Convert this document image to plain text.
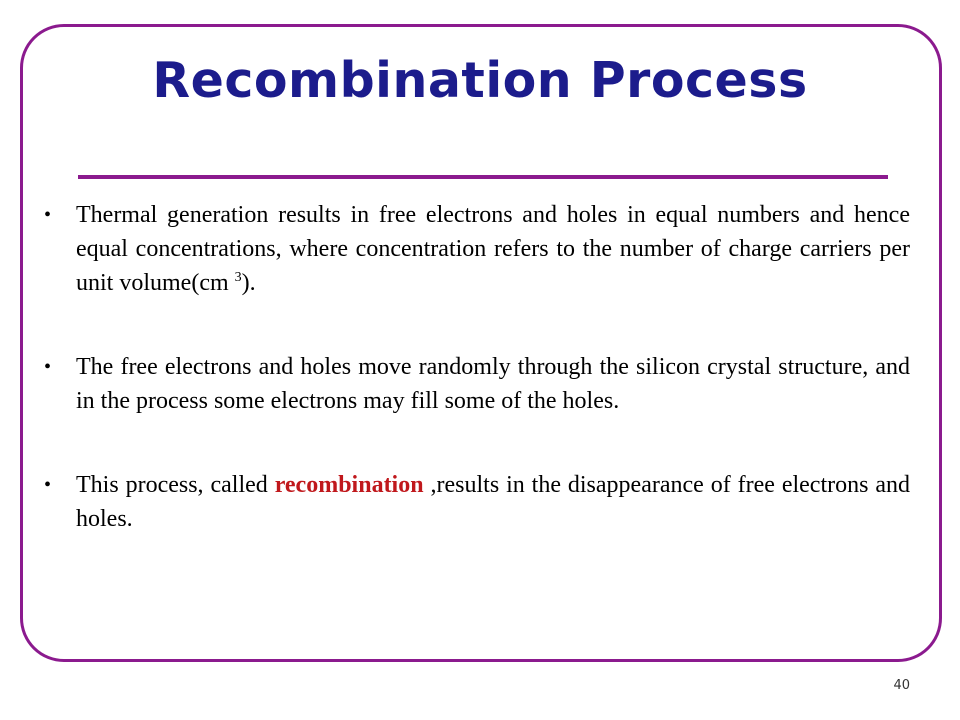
Recombination Process
• Thermal generation results in free electrons and holes in equal numbers and hence equal concentrations, where concentration refers to the number of charge carriers per unit volume(cm $^3$).
• The free electrons and holes move randomly through the silicon crystal structure, and in the process some electrons may fill some of the holes.
• This process, called recombination ,results in the disappearance of free electrons and holes.
40
